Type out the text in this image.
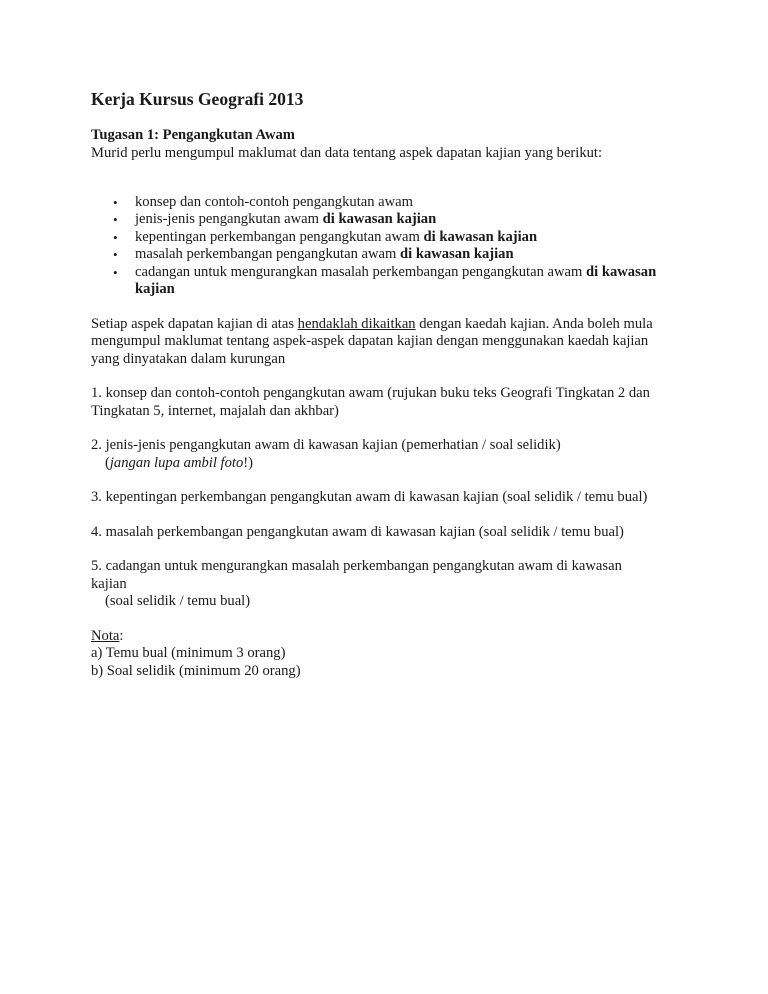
Kerja Kursus Geografi 2013
Tugasan 1: Pengangkutan Awam

Murid perlu mengumpul maklumat dan data tentang aspek dapatan kajian yang berikut:

• konsep dan contoh-contoh pengangkutan awam
• jenis-jenis pengangkutan awam di kawasan kajian
• kepentingan perkembangan pengangkutan awam di kawasan kajian
• masalah perkembangan pengangkutan awam di kawasan kajian
• cadangan untuk mengurangkan masalah perkembangan pengangkutan awam di kawasan
kajian

Setiap aspek dapatan kajian di atas hendaklah dikaitkan dengan kaedah kajian. Anda boleh mula
mengumpul maklumat tentang aspek-aspek dapatan kajian dengan menggunakan kaedah kajian
yang dinyatakan dalam kurungan

1. konsep dan contoh-contoh pengangkutan awam (rujukan buku teks Geografi Tingkatan 2 dan
Tingkatan 5, internet, majalah dan akhbar)

2. jenis-jenis pengangkutan awam di kawasan kajian (pemerhatian / soal selidik)
(jangan lupa ambil foto!)

3. kepentingan perkembangan pengangkutan awam di kawasan kajian (soal selidik / temu bual)

4. masalah perkembangan pengangkutan awam di kawasan kajian (soal selidik / temu bual)

5. cadangan untuk mengurangkan masalah perkembangan pengangkutan awam di kawasan
kajian
(soal selidik / temu bual)

Nota:
a) Temu bual (minimum 3 orang)
b) Soal selidik (minimum 20 orang)
